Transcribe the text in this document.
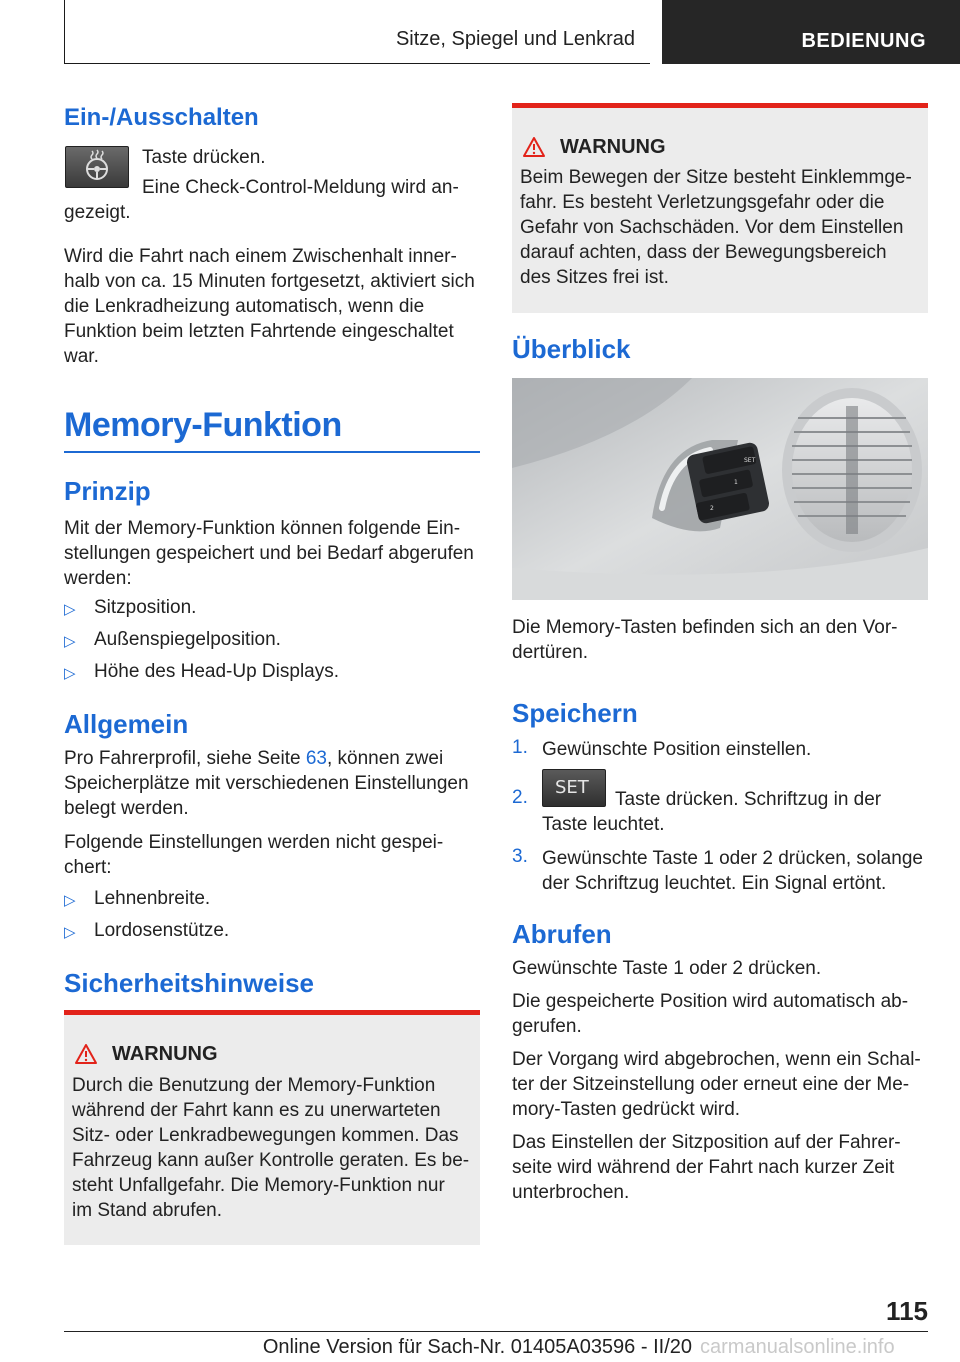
Sitze, Spiegel und Lenkrad	BEDIENUNG
Ein-/Ausschalten

Taste drücken.

Eine Check-Control-Meldung wird an-

gezeigt.

Wird die Fahrt nach einem Zwischenhalt inner-

halb von ca. 15 Minuten fortgesetzt, aktiviert sich

die Lenkradheizung automatisch, wenn die

Funktion beim letzten Fahrtende eingeschaltet

war.

Memory-Funktion
Prinzip

Mit der Memory-Funktion können folgende Ein-

stellungen gespeichert und bei Bedarf abgerufen

werden:

▷ Sitzposition.
▷ Außenspiegelposition.
▷ Höhe des Head-Up Displays.
Allgemein

Pro Fahrerprofil, siehe Seite 63, können zwei

Speicherplätze mit verschiedenen Einstellungen

belegt werden.

Folgende Einstellungen werden nicht gespei-

chert:

▷ Lehnenbreite.
▷ Lordosenstütze.
Sicherheitshinweise
WARNUNG

Durch die Benutzung der Memory-Funktion

während der Fahrt kann es zu unerwarteten

Sitz- oder Lenkradbewegungen kommen. Das

Fahrzeug kann außer Kontrolle geraten. Es be-

steht Unfallgefahr. Die Memory-Funktion nur

im Stand abrufen.

WARNUNG

Beim Bewegen der Sitze besteht Einklemmge-

fahr. Es besteht Verletzungsgefahr oder die

Gefahr von Sachschäden. Vor dem Einstellen

darauf achten, dass der Bewegungsbereich

des Sitzes frei ist.

Überblick
SET
1
2

Die Memory-Tasten befinden sich an den Vor-

dertüren.

Speichern
1. Gewünschte Position einstellen.

2. SET

Taste drücken. Schriftzug in der

Taste leuchtet.

3. Gewünschte Taste 1 oder 2 drücken, solange

der Schriftzug leuchtet. Ein Signal ertönt.

Abrufen

Gewünschte Taste 1 oder 2 drücken.

Die gespeicherte Position wird automatisch ab-

gerufen.

Der Vorgang wird abgebrochen, wenn ein Schal-

ter der Sitzeinstellung oder erneut eine der Me-

mory-Tasten gedrückt wird.

Das Einstellen der Sitzposition auf der Fahrer-

seite wird während der Fahrt nach kurzer Zeit

unterbrochen.

115
Online Version für Sach-Nr. 01405A03596 - II/20 carmanualsonline.info
